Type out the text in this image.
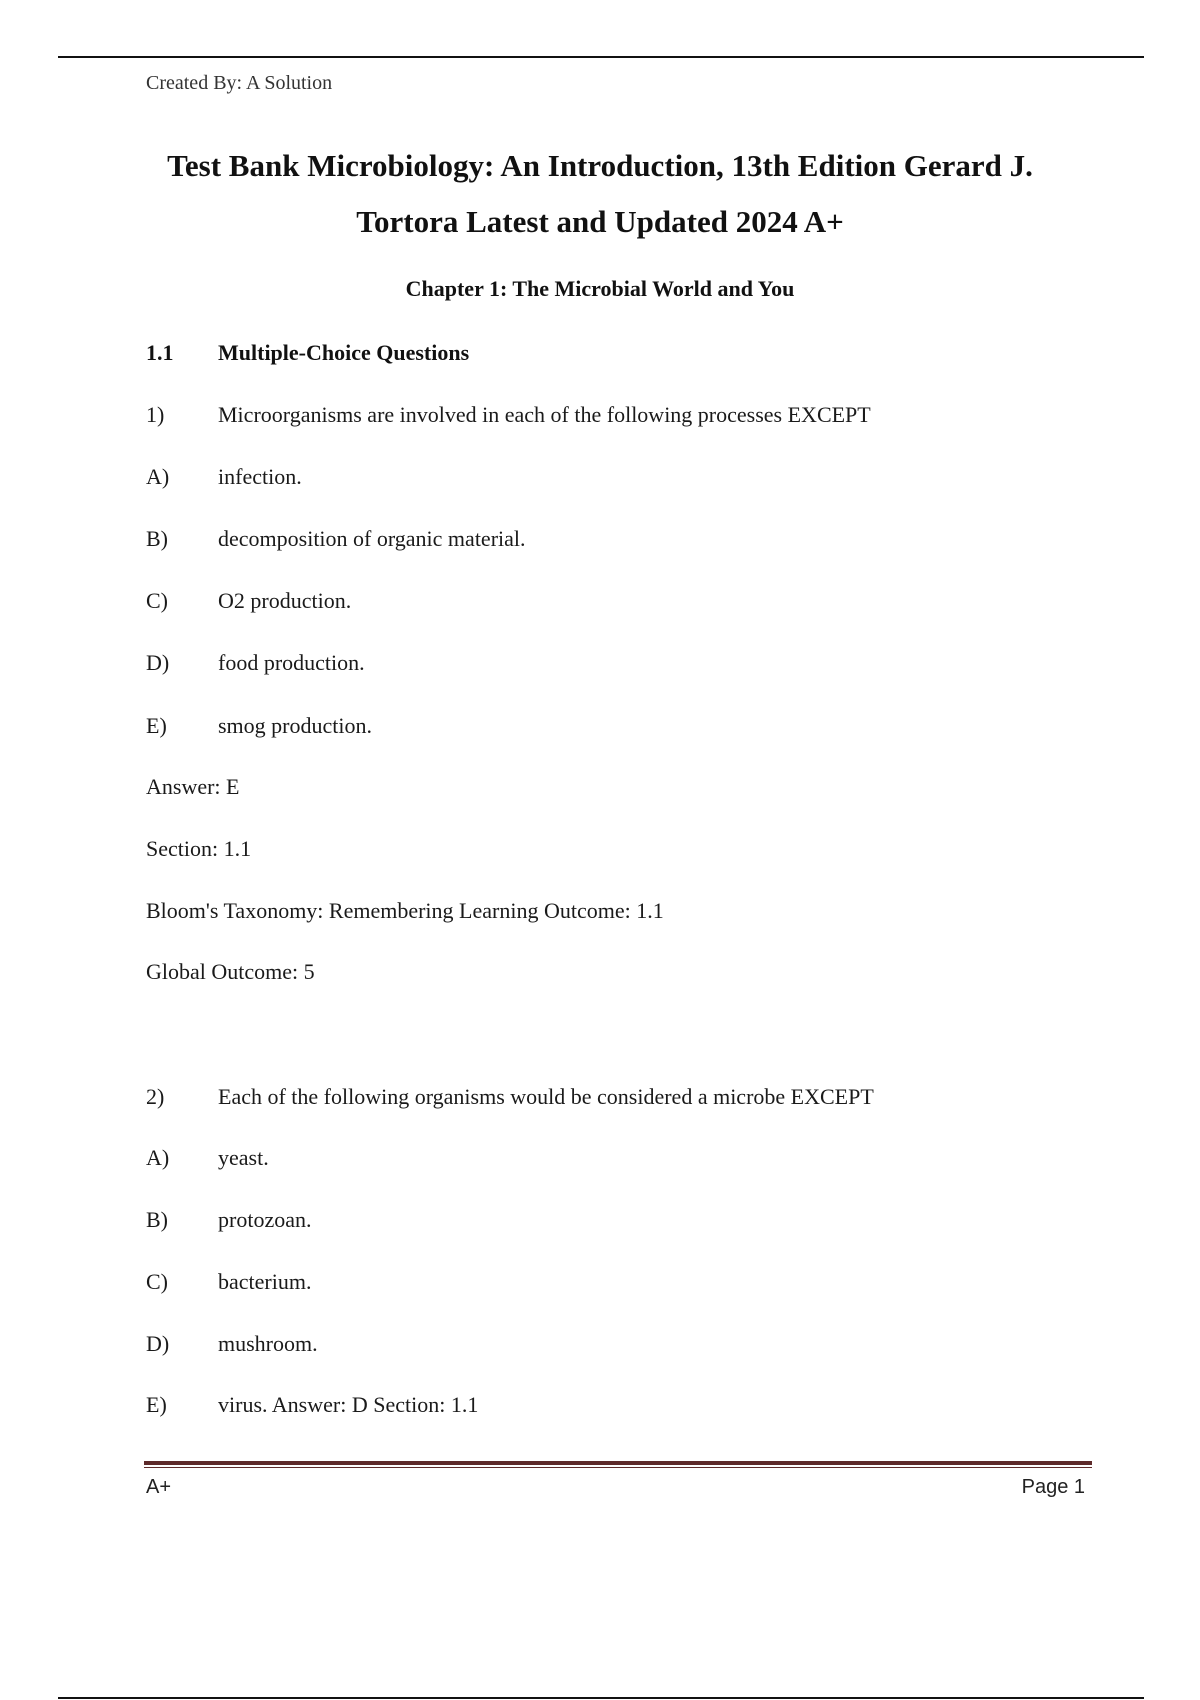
Created By: A Solution
Test Bank Microbiology: An Introduction, 13th Edition Gerard J.
Tortora Latest and Updated 2024 A+
Chapter 1: The Microbial World and You
1.1 Multiple-Choice Questions
1) Microorganisms are involved in each of the following processes EXCEPT
A) infection.
B) decomposition of organic material.
C) O2 production.
D) food production.
E) smog production.
Answer: E
Section: 1.1
Bloom's Taxonomy: Remembering Learning Outcome: 1.1
Global Outcome: 5
2) Each of the following organisms would be considered a microbe EXCEPT
A) yeast.
B) protozoan.
C) bacterium.
D) mushroom.
E) virus. Answer: D Section: 1.1
A+	Page 1
